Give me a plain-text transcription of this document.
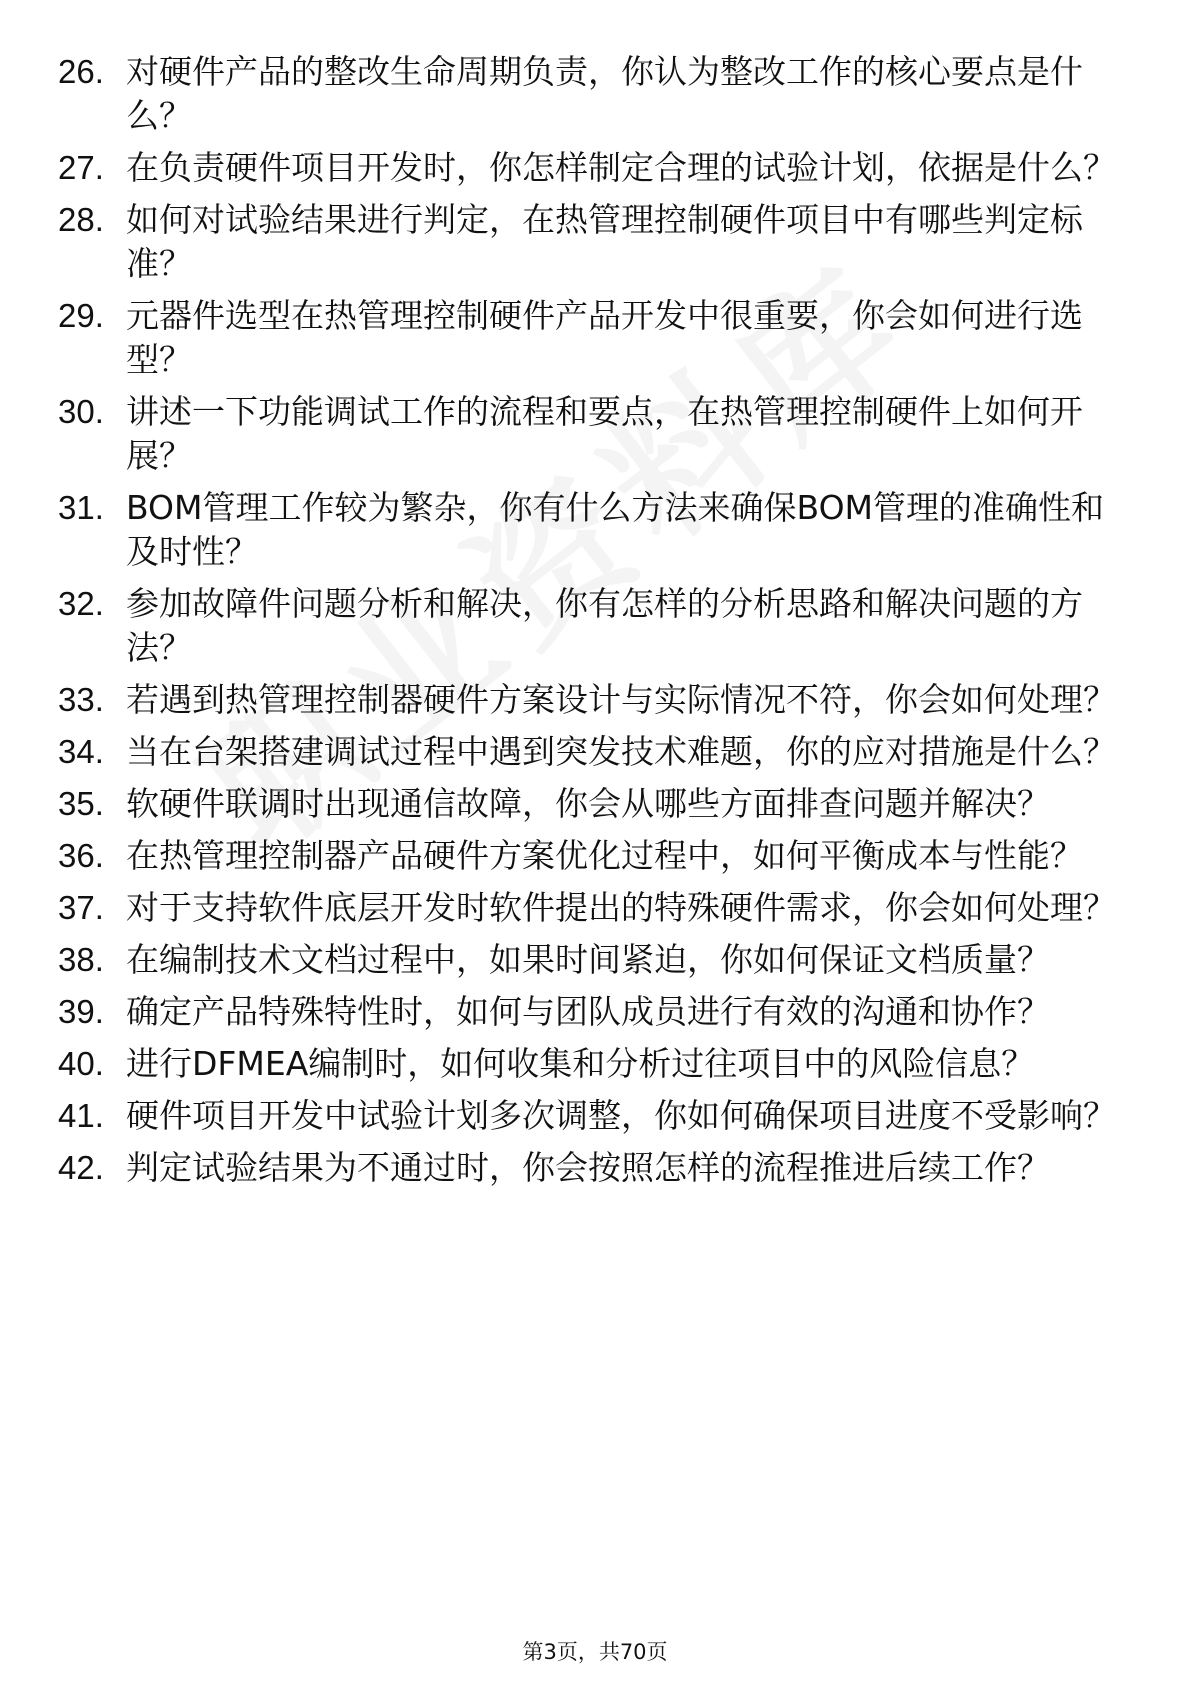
26. 对硬件产品的整改生命周期负责，你认为整改工作的核心要点是什么？
27. 在负责硬件项目开发时，你怎样制定合理的试验计划，依据是什么？
28. 如何对试验结果进行判定，在热管理控制硬件项目中有哪些判定标准？
29. 元器件选型在热管理控制硬件产品开发中很重要，你会如何进行选型？
30. 讲述一下功能调试工作的流程和要点，在热管理控制硬件上如何开展？
31. BOM管理工作较为繁杂，你有什么方法来确保BOM管理的准确性和及时性？
32. 参加故障件问题分析和解决，你有怎样的分析思路和解决问题的方法？
33. 若遇到热管理控制器硬件方案设计与实际情况不符，你会如何处理？
34. 当在台架搭建调试过程中遇到突发技术难题，你的应对措施是什么？
35. 软硬件联调时出现通信故障，你会从哪些方面排查问题并解决？
36. 在热管理控制器产品硬件方案优化过程中，如何平衡成本与性能？
37. 对于支持软件底层开发时软件提出的特殊硬件需求，你会如何处理？
38. 在编制技术文档过程中，如果时间紧迫，你如何保证文档质量？
39. 确定产品特殊特性时，如何与团队成员进行有效的沟通和协作？
40. 进行DFMEA编制时，如何收集和分析过往项目中的风险信息？
41. 硬件项目开发中试验计划多次调整，你如何确保项目进度不受影响？
42. 判定试验结果为不通过时，你会按照怎样的流程推进后续工作？
第3页，共70页
